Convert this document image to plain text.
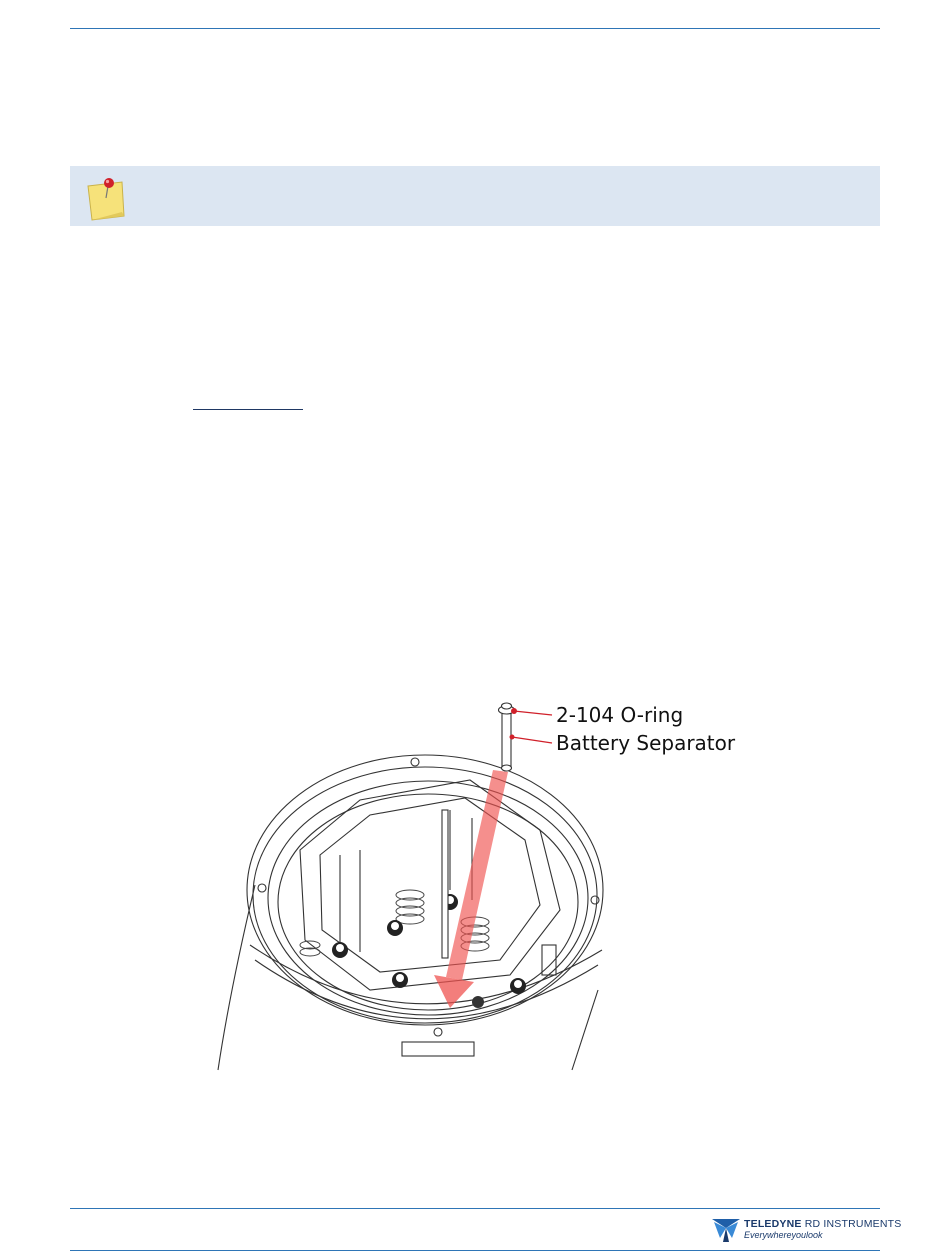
2-104 O-ring
Battery Separator
TELEDYNE RD INSTRUMENTS
Everywhereyoulook
